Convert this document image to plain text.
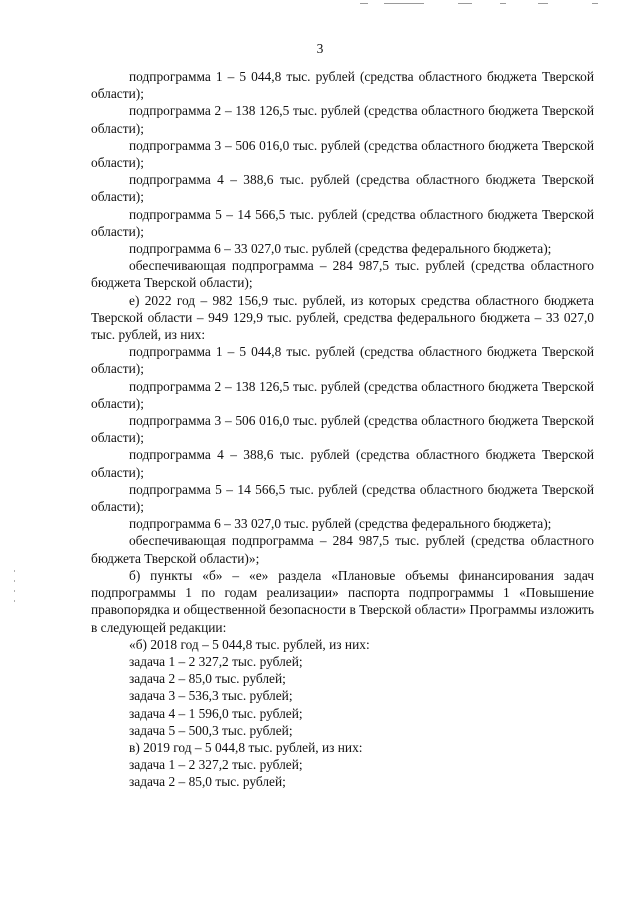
3

подпрограмма 1 – 5 044,8 тыс. рублей (средства областного бюджета Тверской области);

подпрограмма 2 – 138 126,5 тыс. рублей (средства областного бюджета Тверской области);

подпрограмма 3 – 506 016,0 тыс. рублей (средства областного бюджета Тверской области);

подпрограмма 4 – 388,6 тыс. рублей (средства областного бюджета Тверской области);

подпрограмма 5 – 14 566,5 тыс. рублей (средства областного бюджета Тверской области);

подпрограмма 6 – 33 027,0 тыс. рублей (средства федерального бюджета);

обеспечивающая подпрограмма – 284 987,5 тыс. рублей (средства областного бюджета Тверской области);

е) 2022 год – 982 156,9 тыс. рублей, из которых средства областного бюджета Тверской области – 949 129,9 тыс. рублей, средства федерального бюджета – 33 027,0 тыс. рублей, из них:

подпрограмма 1 – 5 044,8 тыс. рублей (средства областного бюджета Тверской области);

подпрограмма 2 – 138 126,5 тыс. рублей (средства областного бюджета Тверской области);

подпрограмма 3 – 506 016,0 тыс. рублей (средства областного бюджета Тверской области);

подпрограмма 4 – 388,6 тыс. рублей (средства областного бюджета Тверской области);

подпрограмма 5 – 14 566,5 тыс. рублей (средства областного бюджета Тверской области);

подпрограмма 6 – 33 027,0 тыс. рублей (средства федерального бюджета);

обеспечивающая подпрограмма – 284 987,5 тыс. рублей (средства областного бюджета Тверской области)»;

б) пункты «б» – «е» раздела «Плановые объемы финансирования задач подпрограммы 1 по годам реализации» паспорта подпрограммы 1 «Повышение правопорядка и общественной безопасности в Тверской области» Программы изложить в следующей редакции:

«б) 2018 год – 5 044,8 тыс. рублей, из них:

задача 1 – 2 327,2 тыс. рублей;

задача 2 – 85,0 тыс. рублей;

задача 3 – 536,3 тыс. рублей;

задача 4 – 1 596,0 тыс. рублей;

задача 5 – 500,3 тыс. рублей;

в) 2019 год – 5 044,8 тыс. рублей, из них:

задача 1 – 2 327,2 тыс. рублей;

задача 2 – 85,0 тыс. рублей;
